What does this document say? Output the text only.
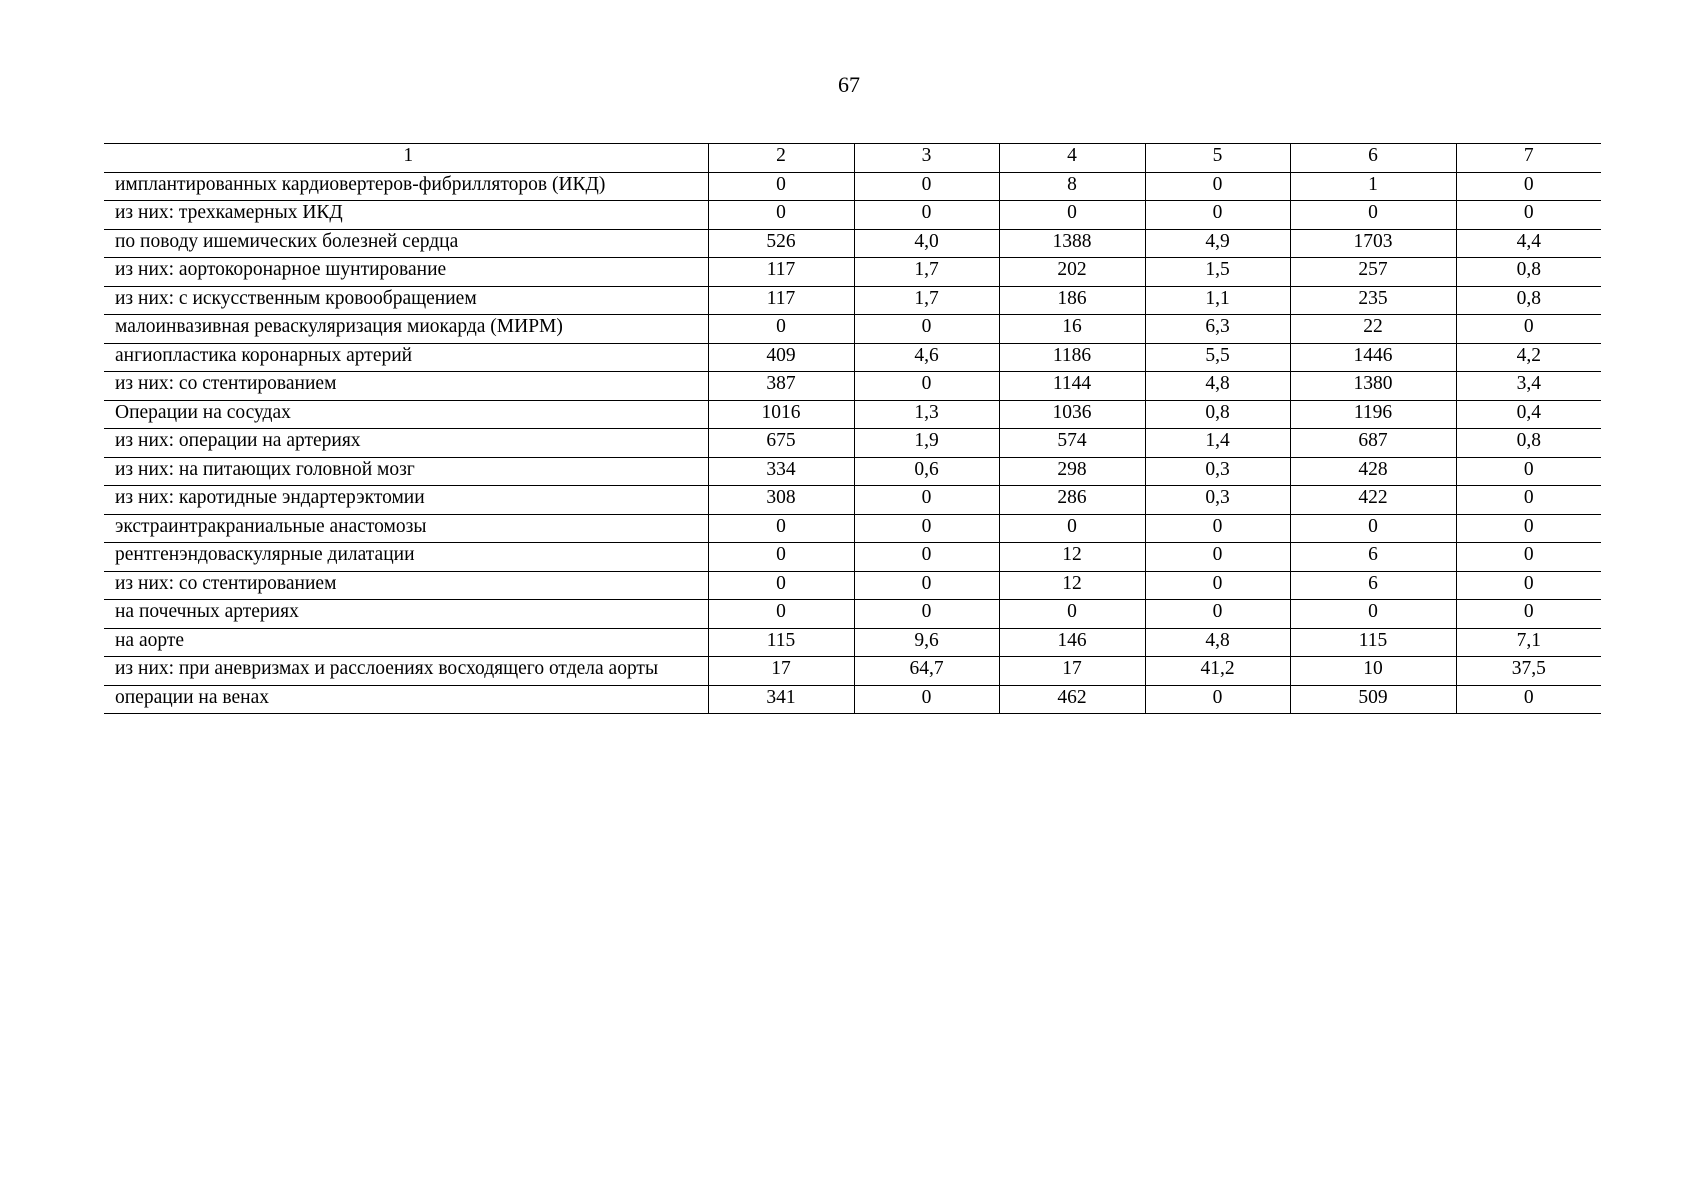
67
1	2	3	4	5	6	7
имплантированных кардиовертеров-фибрилляторов (ИКД)	0	0	8	0	1	0
из них: трехкамерных ИКД	0	0	0	0	0	0
по поводу ишемических болезней сердца	526	4,0	1388	4,9	1703	4,4
из них: аортокоронарное шунтирование	117	1,7	202	1,5	257	0,8
из них: с искусственным кровообращением	117	1,7	186	1,1	235	0,8
малоинвазивная реваскуляризация миокарда (МИРМ)	0	0	16	6,3	22	0
ангиопластика коронарных артерий	409	4,6	1186	5,5	1446	4,2
из них: со стентированием	387	0	1144	4,8	1380	3,4
Операции на сосудах	1016	1,3	1036	0,8	1196	0,4
из них: операции на артериях	675	1,9	574	1,4	687	0,8
из них: на питающих головной мозг	334	0,6	298	0,3	428	0
из них: каротидные эндартерэктомии	308	0	286	0,3	422	0
экстраинтракраниальные анастомозы	0	0	0	0	0	0
рентгенэндоваскулярные дилатации	0	0	12	0	6	0
из них: со стентированием	0	0	12	0	6	0
на почечных артериях	0	0	0	0	0	0
на аорте	115	9,6	146	4,8	115	7,1
из них: при аневризмах и расслоениях восходящего отдела аорты	17	64,7	17	41,2	10	37,5
операции на венах	341	0	462	0	509	0
